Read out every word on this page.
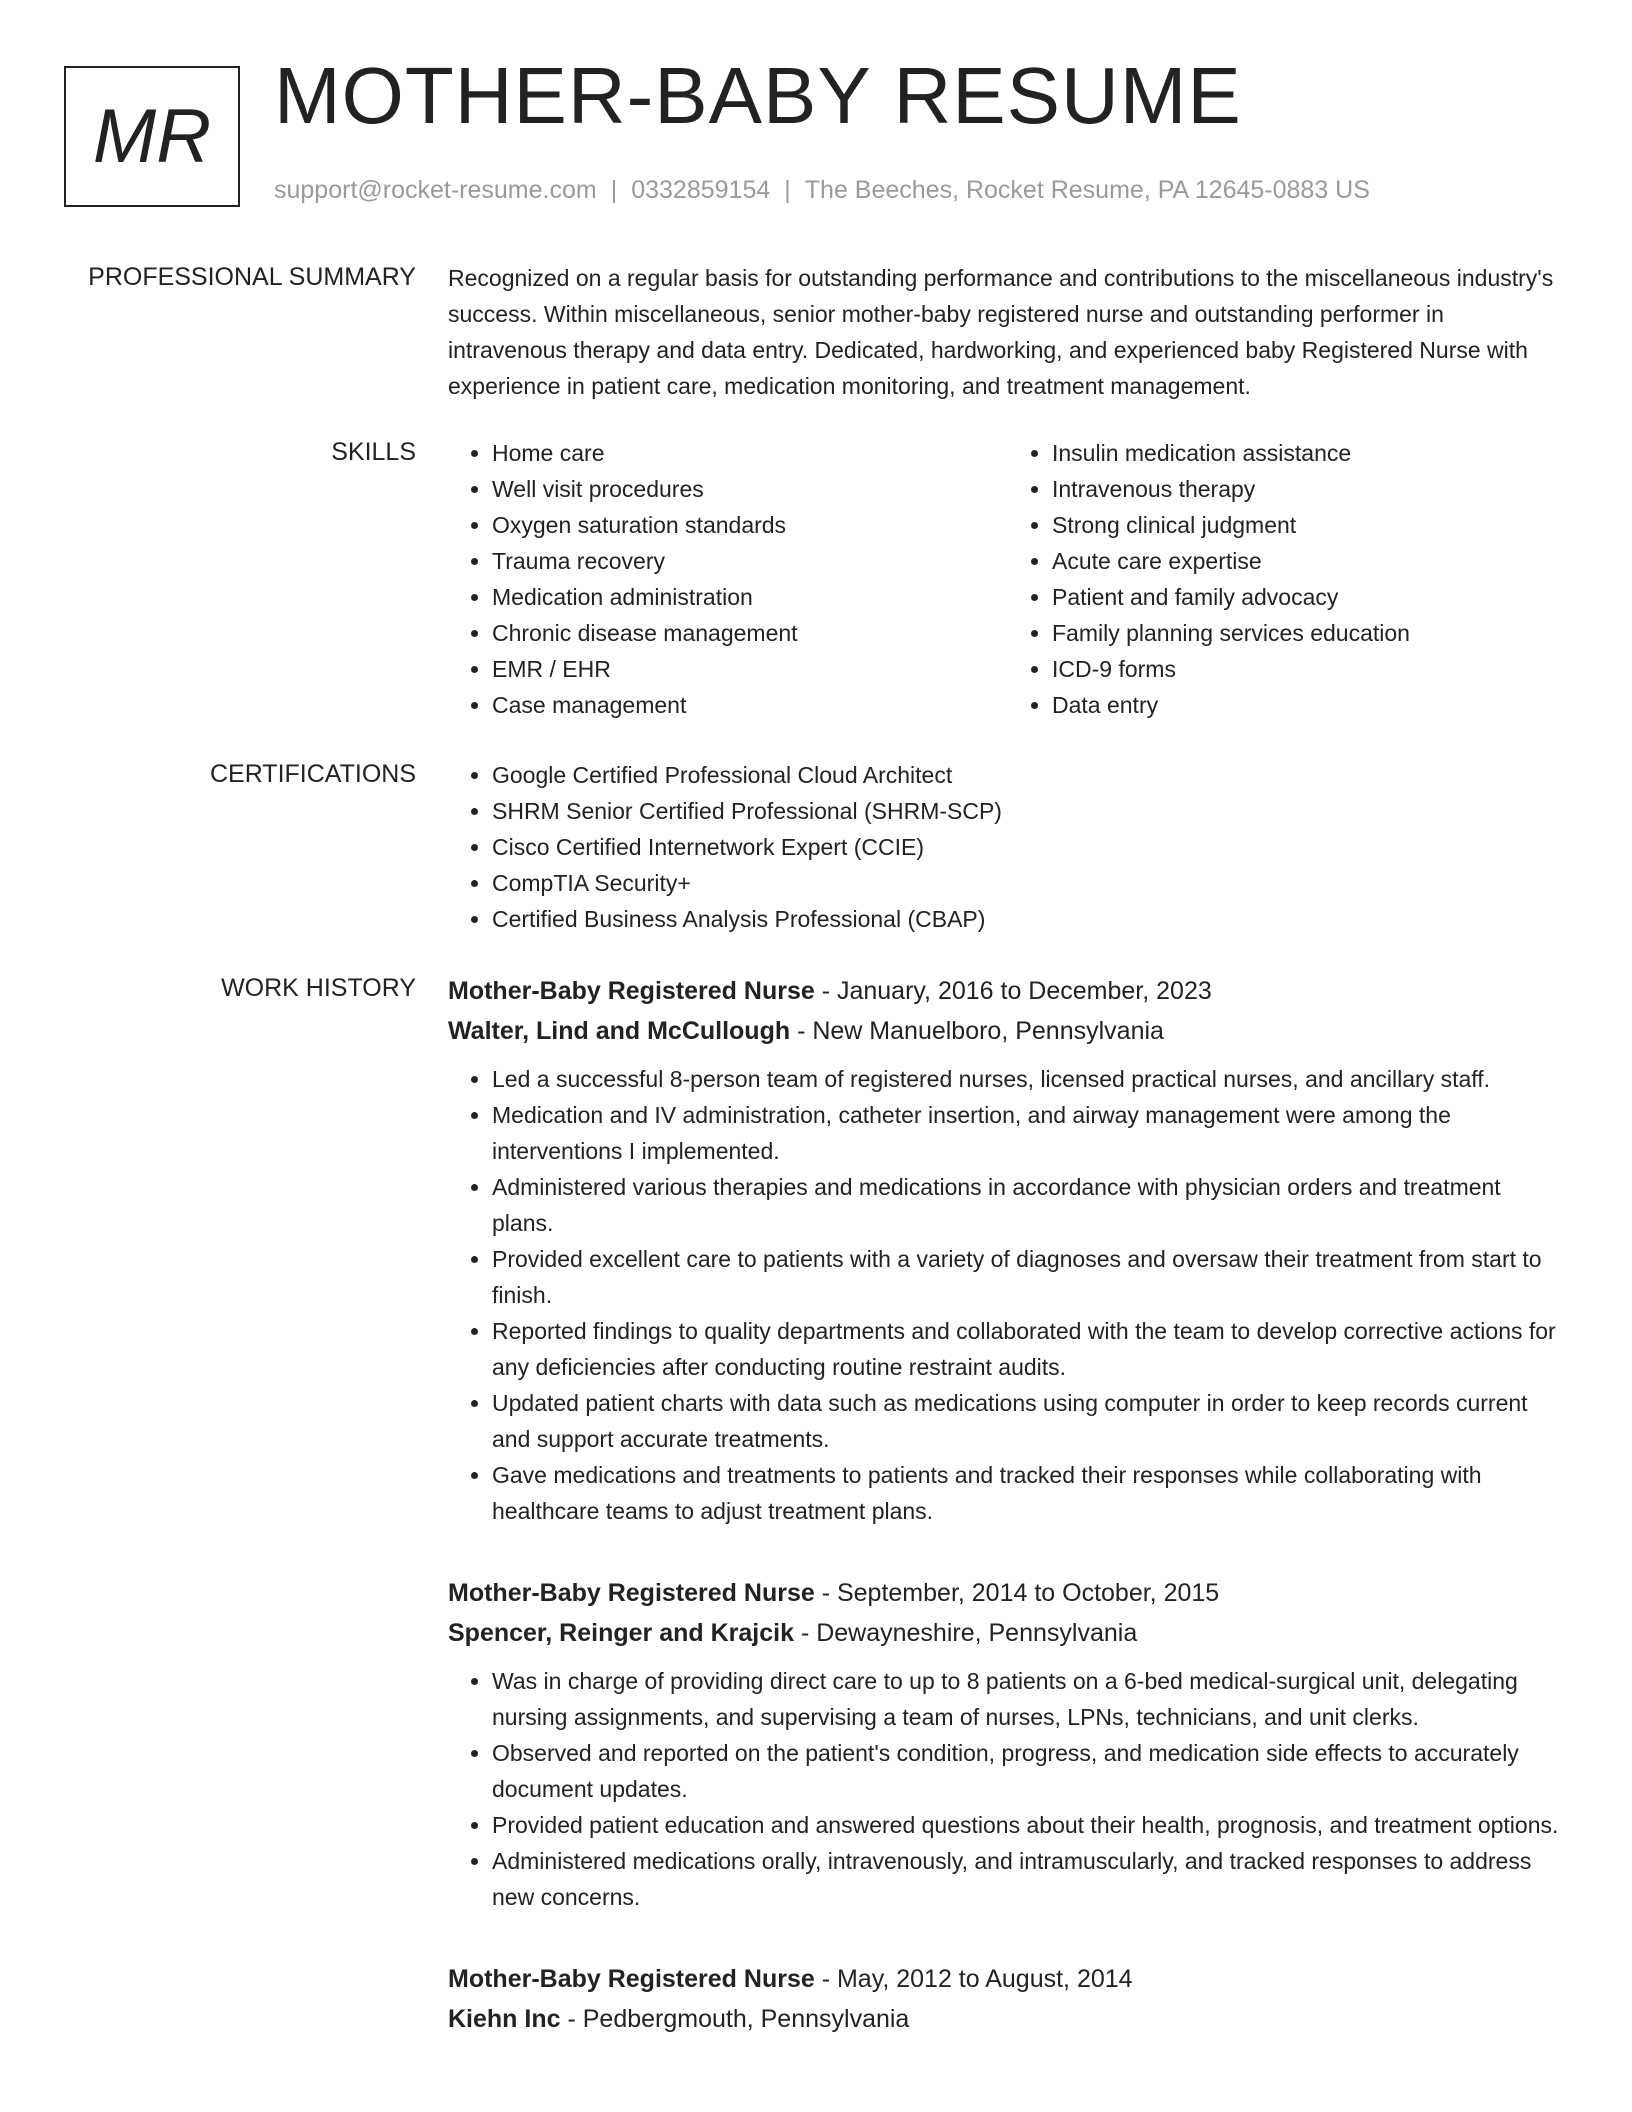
MR MOTHER-BABY RESUME
support@rocket-resume.com | 0332859154 | The Beeches, Rocket Resume, PA 12645-0883 US
PROFESSIONAL SUMMARY Recognized on a regular basis for outstanding performance and contributions to the miscellaneous industry's success. Within miscellaneous, senior mother-baby registered nurse and outstanding performer in intravenous therapy and data entry. Dedicated, hardworking, and experienced baby Registered Nurse with experience in patient care, medication monitoring, and treatment management.

SKILLS	• Home care
• Well visit procedures
• Oxygen saturation standards
• Trauma recovery
• Medication administration
• Chronic disease management
• EMR / EHR
• Case management
• Insulin medication assistance
• Intravenous therapy
• Strong clinical judgment
• Acute care expertise
• Patient and family advocacy
• Family planning services education
• ICD-9 forms
• Data entry
CERTIFICATIONS	• Google Certified Professional Cloud Architect
• SHRM Senior Certified Professional (SHRM-SCP)
• Cisco Certified Internetwork Expert (CCIE)
• CompTIA Security+
• Certified Business Analysis Professional (CBAP)
WORK HISTORY Mother-Baby Registered Nurse - January, 2016 to December, 2023
Walter, Lind and McCullough - New Manuelboro, Pennsylvania
• Led a successful 8-person team of registered nurses, licensed practical nurses, and ancillary staff.
• Medication and IV administration, catheter insertion, and airway management were among the interventions I implemented.
• Administered various therapies and medications in accordance with physician orders and treatment plans.
• Provided excellent care to patients with a variety of diagnoses and oversaw their treatment from start to finish.
• Reported findings to quality departments and collaborated with the team to develop corrective actions for any deficiencies after conducting routine restraint audits.
• Updated patient charts with data such as medications using computer in order to keep records current and support accurate treatments.
• Gave medications and treatments to patients and tracked their responses while collaborating with healthcare teams to adjust treatment plans.
Mother-Baby Registered Nurse - September, 2014 to October, 2015
Spencer, Reinger and Krajcik - Dewayneshire, Pennsylvania
• Was in charge of providing direct care to up to 8 patients on a 6-bed medical-surgical unit, delegating nursing assignments, and supervising a team of nurses, LPNs, technicians, and unit clerks.
• Observed and reported on the patient's condition, progress, and medication side effects to accurately document updates.
• Provided patient education and answered questions about their health, prognosis, and treatment options.
• Administered medications orally, intravenously, and intramuscularly, and tracked responses to address new concerns.
Mother-Baby Registered Nurse - May, 2012 to August, 2014
Kiehn Inc - Pedbergmouth, Pennsylvania
